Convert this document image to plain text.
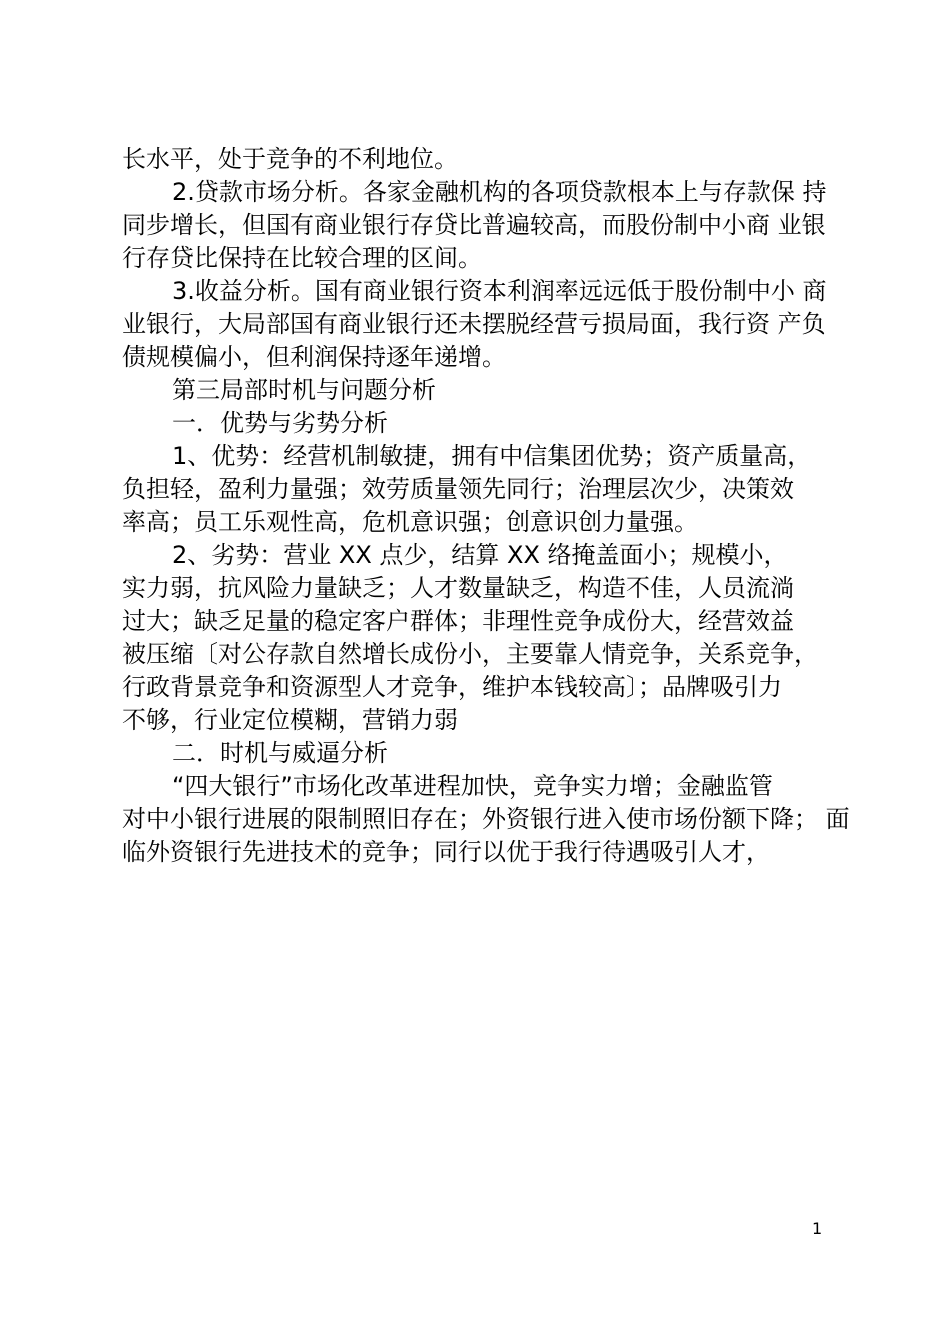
长水平，处于竞争的不利地位。
2.贷款市场分析。各家金融机构的各项贷款根本上与存款保 持
同步增长，但国有商业银行存贷比普遍较高，而股份制中小商 业银
行存贷比保持在比较合理的区间。
3.收益分析。国有商业银行资本利润率远远低于股份制中小 商
业银行，大局部国有商业银行还未摆脱经营亏损局面，我行资 产负
债规模偏小，但利润保持逐年递增。
第三局部时机与问题分析
一．优势与劣势分析
1、优势：经营机制敏捷，拥有中信集团优势；资产质量高，
负担轻，盈利力量强；效劳质量领先同行；治理层次少，决策效
率高；员工乐观性高，危机意识强；创意识创力量强。
2、劣势：营业 XX 点少，结算 XX 络掩盖面小；规模小，
实力弱，抗风险力量缺乏；人才数量缺乏，构造不佳，人员流淌
过大；缺乏足量的稳定客户群体；非理性竞争成份大，经营效益
被压缩〔对公存款自然增长成份小，主要靠人情竞争，关系竞争，
行政背景竞争和资源型人才竞争，维护本钱较高〕；品牌吸引力
不够，行业定位模糊，营销力弱
二．时机与威逼分析
“四大银行”市场化改革进程加快，竞争实力增；金融监管
对中小银行进展的限制照旧存在；外资银行进入使市场份额下降； 面
临外资银行先进技术的竞争；同行以优于我行待遇吸引人才，
1
